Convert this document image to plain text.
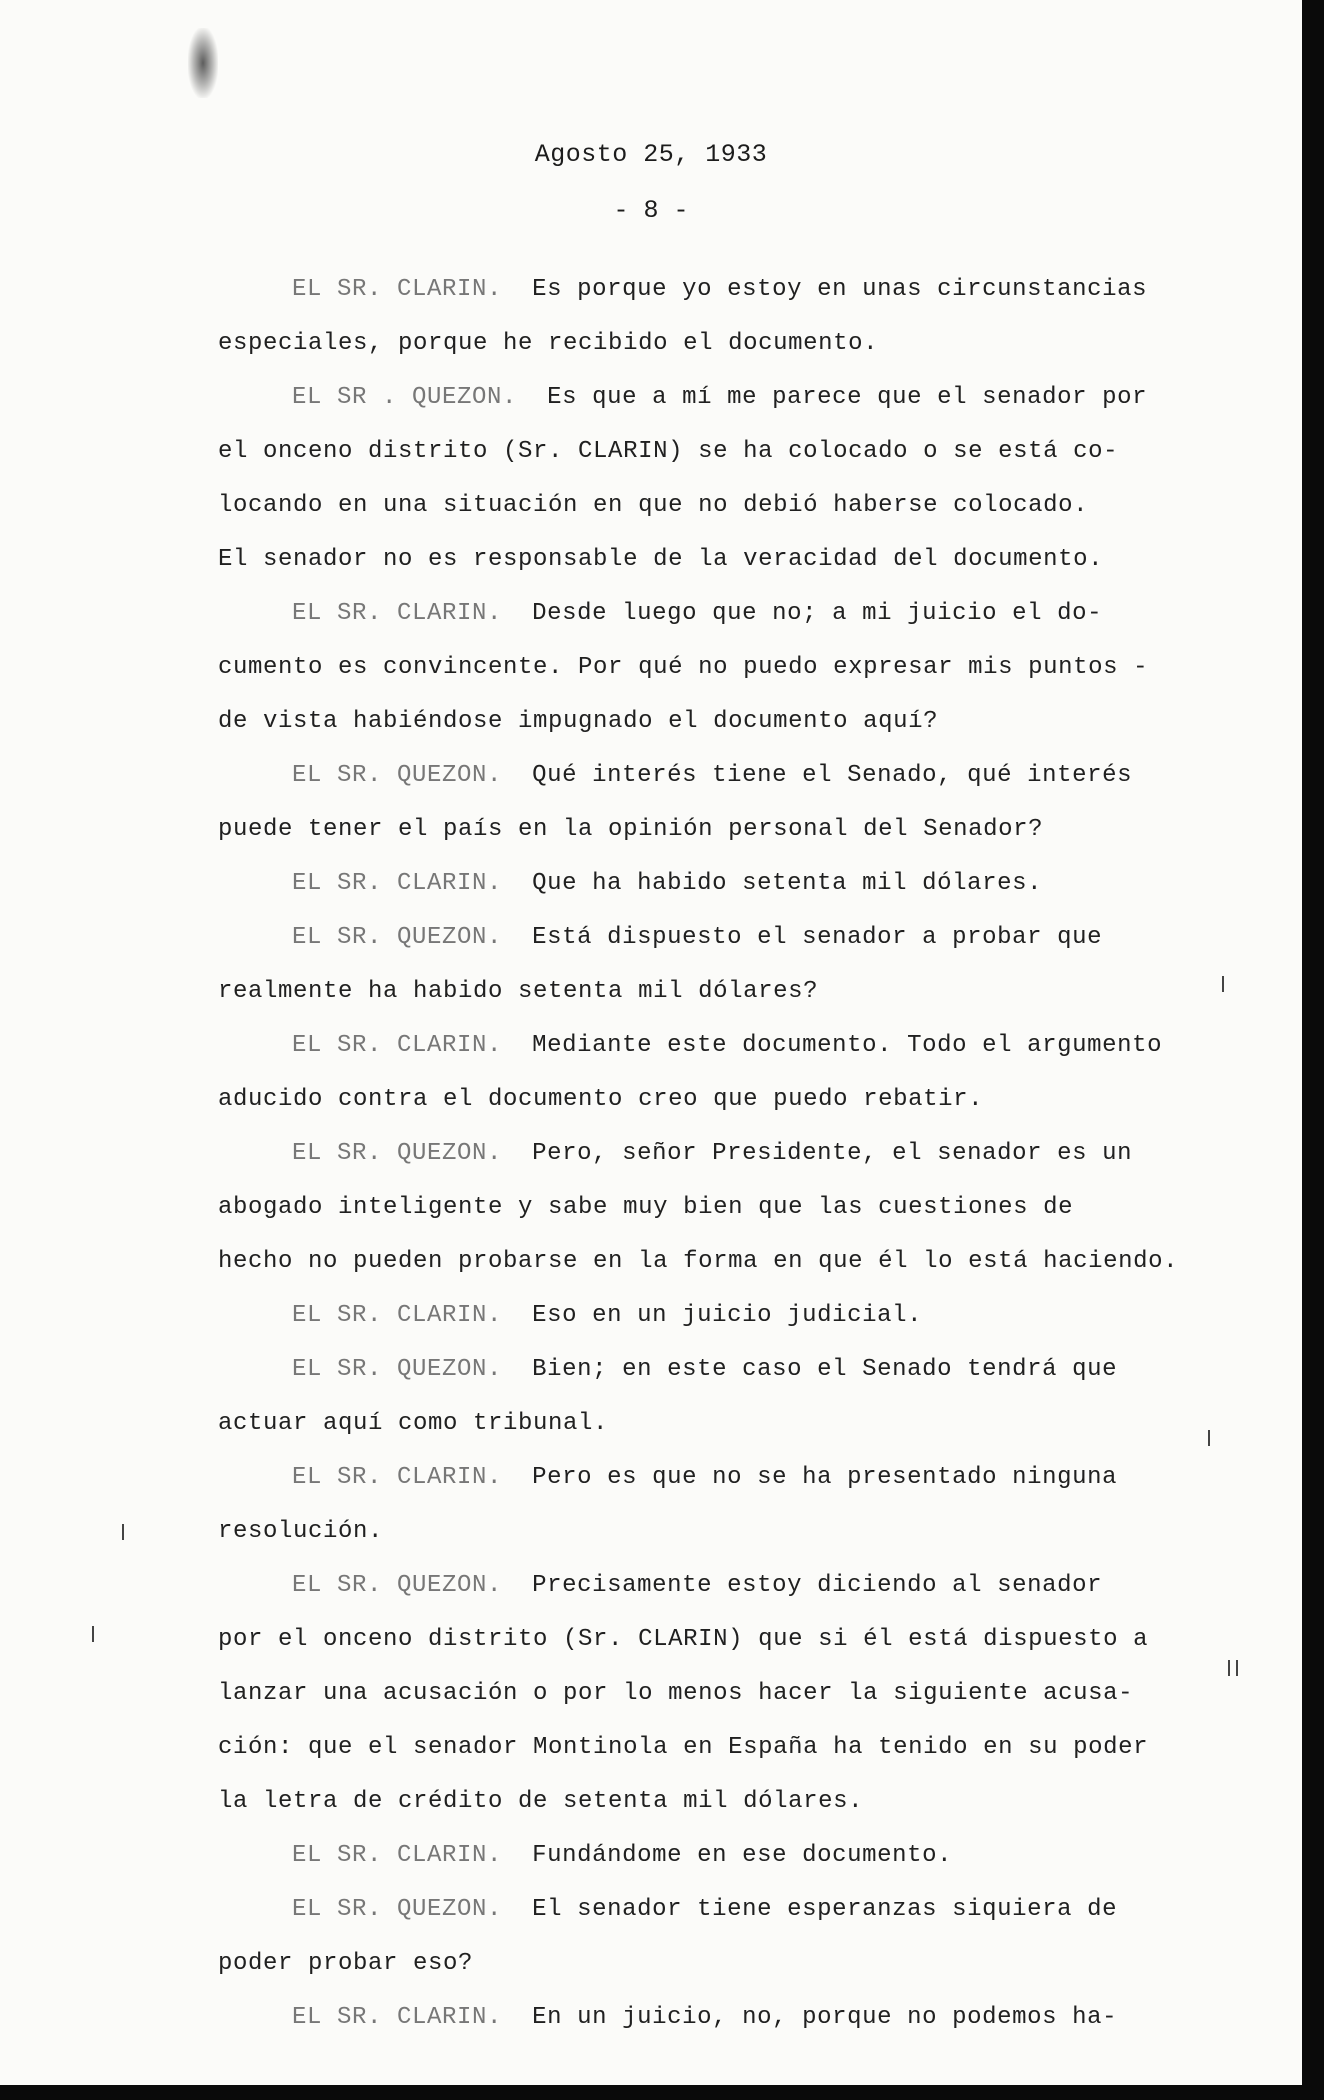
Agosto 25, 1933
- 8 -
EL SR. CLARIN. Es porque yo estoy en unas circunstancias
especiales, porque he recibido el documento.
EL SR . QUEZON. Es que a mí me parece que el senador por
el onceno distrito (Sr. CLARIN) se ha colocado o se está co-
locando en una situación en que no debió haberse colocado.
El senador no es responsable de la veracidad del documento.
EL SR. CLARIN. Desde luego que no; a mi juicio el do-
cumento es convincente. Por qué no puedo expresar mis puntos -
de vista habiéndose impugnado el documento aquí?
EL SR. QUEZON. Qué interés tiene el Senado, qué interés
puede tener el país en la opinión personal del Senador?
EL SR. CLARIN. Que ha habido setenta mil dólares.
EL SR. QUEZON. Está dispuesto el senador a probar que
realmente ha habido setenta mil dólares?
EL SR. CLARIN. Mediante este documento. Todo el argumento
aducido contra el documento creo que puedo rebatir.
EL SR. QUEZON. Pero, señor Presidente, el senador es un
abogado inteligente y sabe muy bien que las cuestiones de
hecho no pueden probarse en la forma en que él lo está haciendo.
EL SR. CLARIN. Eso en un juicio judicial.
EL SR. QUEZON. Bien; en este caso el Senado tendrá que
actuar aquí como tribunal.
EL SR. CLARIN. Pero es que no se ha presentado ninguna
resolución.
EL SR. QUEZON. Precisamente estoy diciendo al senador
por el onceno distrito (Sr. CLARIN) que si él está dispuesto a
lanzar una acusación o por lo menos hacer la siguiente acusa-
ción: que el senador Montinola en España ha tenido en su poder
la letra de crédito de setenta mil dólares.
EL SR. CLARIN. Fundándome en ese documento.
EL SR. QUEZON. El senador tiene esperanzas siquiera de
poder probar eso?
EL SR. CLARIN. En un juicio, no, porque no podemos ha-
